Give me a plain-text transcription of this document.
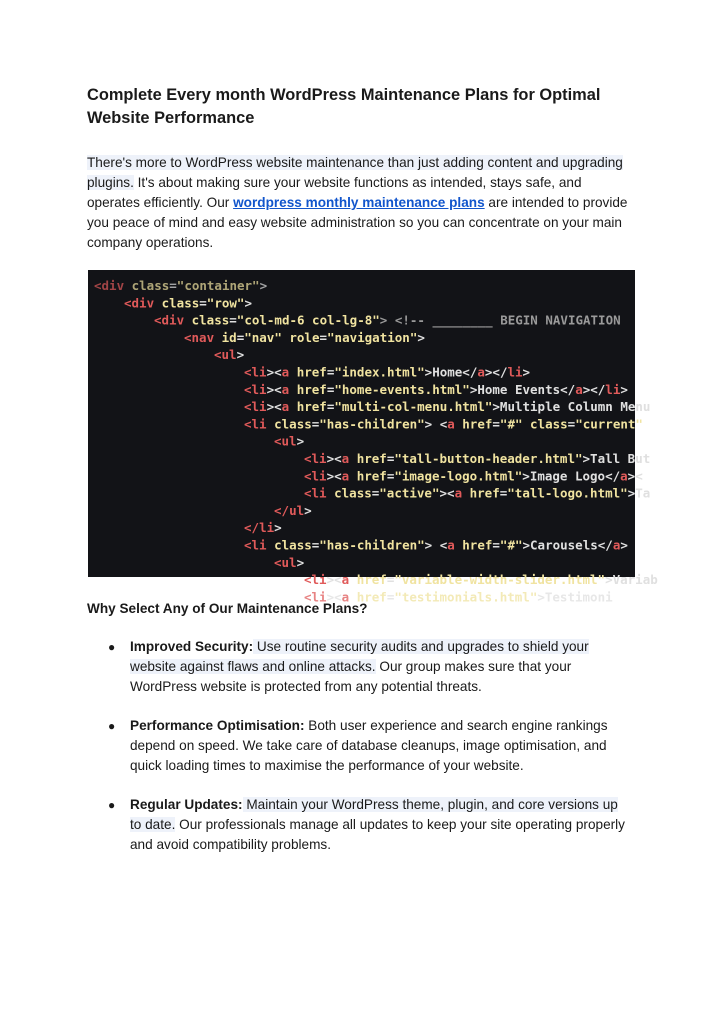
Complete Every month WordPress Maintenance Plans for Optimal Website Performance

There's more to WordPress website maintenance than just adding content and upgrading plugins. It's about making sure your website functions as intended, stays safe, and operates efficiently. Our wordpress monthly maintenance plans are intended to provide you peace of mind and easy website administration so you can concentrate on your main company operations.

<div class="container">
<div class="row">
<div class="col-md-6 col-lg-8"> <!-- ________ BEGIN NAVIGATION
<nav id="nav" role="navigation">
<ul>
<li><a href="index.html">Home</a></li>
<li><a href="home-events.html">Home Events</a></li>
<li><a href="multi-col-menu.html">Multiple Column Menu
<li class="has-children"> <a href="#" class="current"
<ul>
<li><a href="tall-button-header.html">Tall But
<li><a href="image-logo.html">Image Logo</a><
<li class="active"><a href="tall-logo.html">Ta
</ul>
</li>
<li class="has-children"> <a href="#">Carousels</a>
<ul>
<li><a href="variable-width-slider.html">Variab
<li><a href="testimonials.html">Testimoni
Why Select Any of Our Maintenance Plans?
● Improved Security: Use routine security audits and upgrades to shield your website against flaws and online attacks. Our group makes sure that your WordPress website is protected from any potential threats.
● Performance Optimisation: Both user experience and search engine rankings depend on speed. We take care of database cleanups, image optimisation, and quick loading times to maximise the performance of your website.
● Regular Updates: Maintain your WordPress theme, plugin, and core versions up to date. Our professionals manage all updates to keep your site operating properly and avoid compatibility problems.
